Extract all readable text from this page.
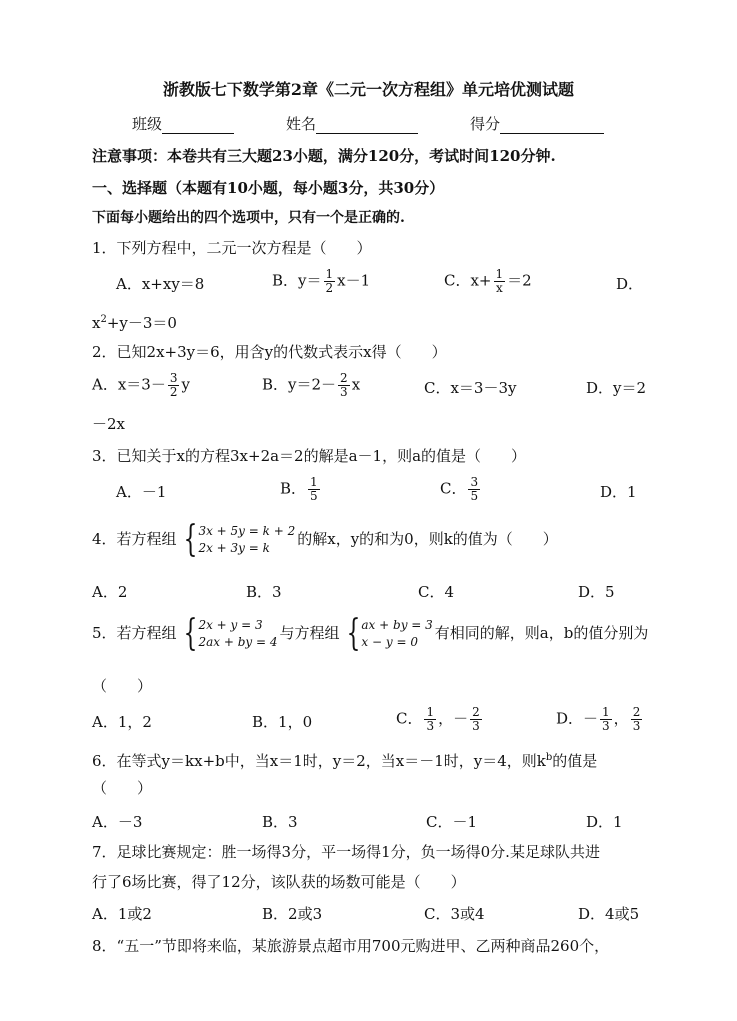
浙教版七下数学第2章《二元一次方程组》单元培优测试题
班级	姓名	得分
注意事项：本卷共有三大题23小题，满分120分，考试时间120分钟.
一、选择题（本题有10小题，每小题3分，共30分）
下面每小题给出的四个选项中，只有一个是正确的.
1．下列方程中，二元一次方程是（　　）
A．x+xy＝8	B．$y= \frac{1}{2} x-1$	C．$x+ \frac{1}{x} =2$	D．
$x^2+y-3=0$
2．已知2x+3y＝6，用含y的代数式表示x得（　　）
A．$x=3- \frac{3}{2}$ y	B．$y=2- \frac{2}{3}$ x	C．x＝3－3y	D．y＝2
－2x
3．已知关于x的方程3x+2a＝2的解是a－1，则a的值是（　　）
A．－1	B． $\frac{1}{5}$	C． $\frac{3}{5}$	D．1
4．若方程组 { 3x + 5y = k + 2
2x + 3y = k	的解x，y的和为0，则k的值为（　　）
A．2	B．3	C．4	D．5
5．若方程组 { 2x + y = 3
2ax + by = 4 与方程组 { ax + by = 3
x − y = 0	有相同的解，则a，b的值分别为
（　　）
A．1，2	B．1，0	C． $\frac{1}{3}$ ，－ $\frac{2}{3}$	D．－ $\frac{1}{3}$ ， $\frac{2}{3}$
6．在等式y＝kx+b中，当x＝1时，y＝2，当x＝－1时，y＝4，则$k^b$的值是
（　　）
A．－3	B．3	C．－1	D．1
7．足球比赛规定：胜一场得3分，平一场得1分，负一场得0分.某足球队共进
行了6场比赛，得了12分，该队获的场数可能是（　　）
A．1或2	B．2或3	C．3或4	D．4或5
8．“五一”节即将来临，某旅游景点超市用700元购进甲、乙两种商品260个，
